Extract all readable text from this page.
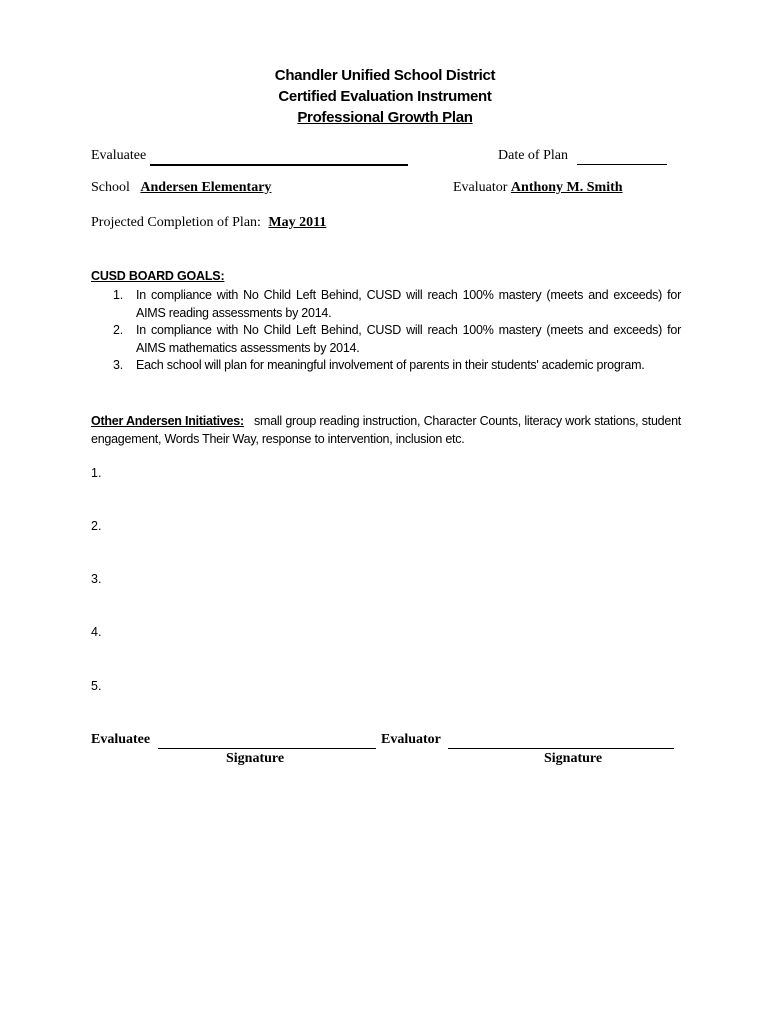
Chandler Unified School District
Certified Evaluation Instrument
Professional Growth Plan
Evaluatee	Date of Plan
School Andersen Elementary	Evaluator Anthony M. Smith
Projected Completion of Plan: May 2011
CUSD BOARD GOALS:
1. In compliance with No Child Left Behind, CUSD will reach 100% mastery (meets and exceeds) for AIMS reading assessments by 2014.
2. In compliance with No Child Left Behind, CUSD will reach 100% mastery (meets and exceeds) for AIMS mathematics assessments by 2014.
3. Each school will plan for meaningful involvement of parents in their students' academic program.
Other Andersen Initiatives: small group reading instruction, Character Counts, literacy work stations, student engagement, Words Their Way, response to intervention, inclusion etc.
1.
2.
3.
4.
5.
Evaluatee	Evaluator
Signature	Signature
